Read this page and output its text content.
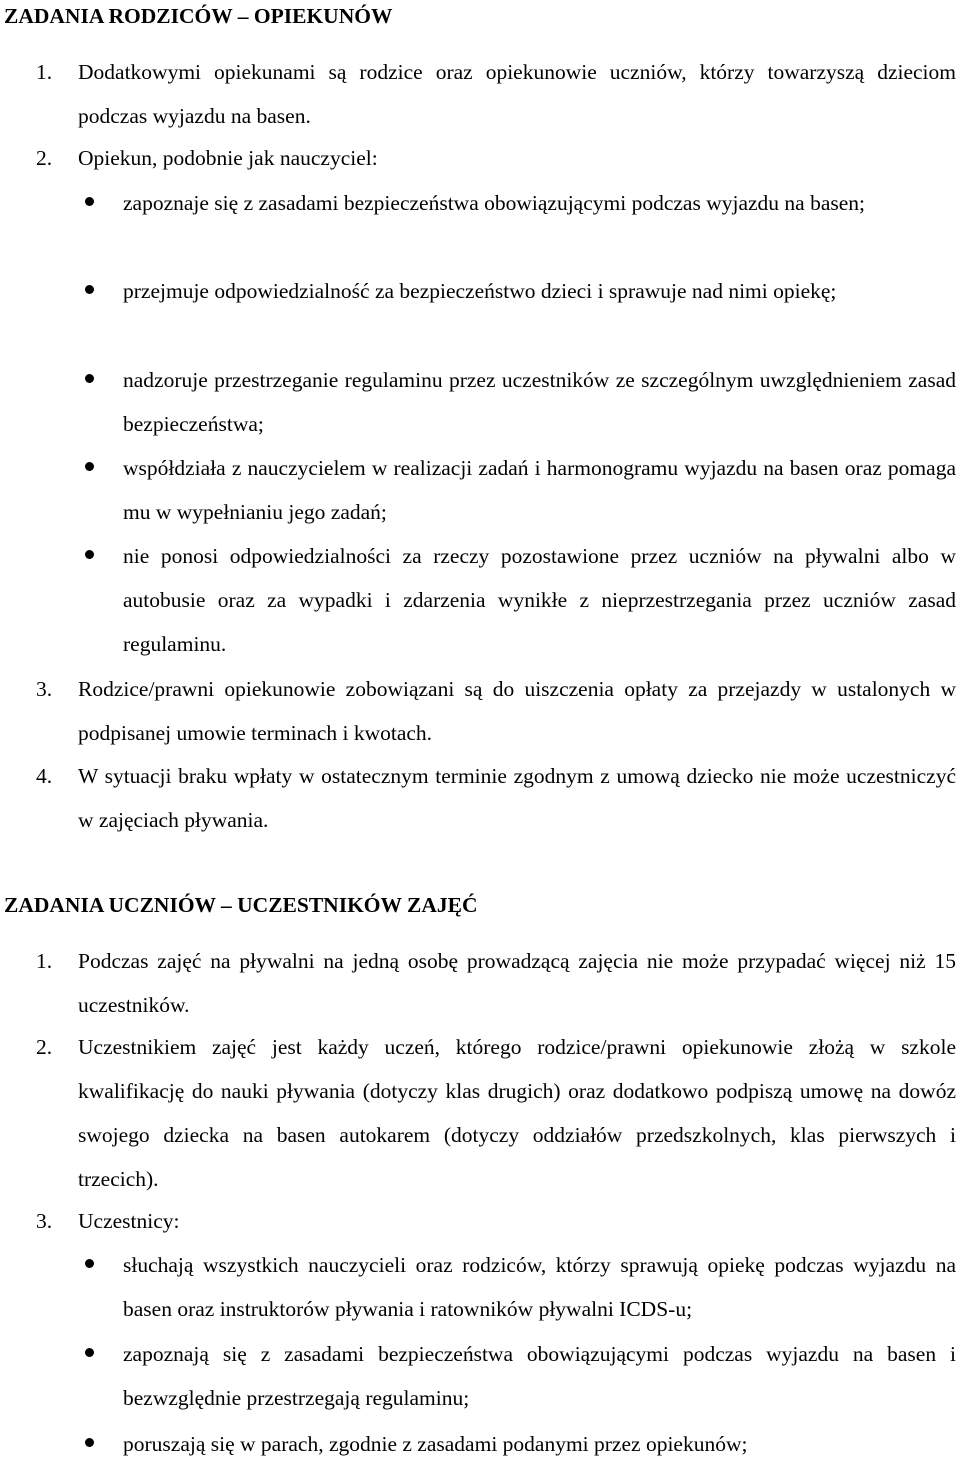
ZADANIA RODZICÓW – OPIEKUNÓW
1. Dodatkowymi opiekunami są rodzice oraz opiekunowie uczniów, którzy towarzyszą dzieciom podczas wyjazdu na basen.
2. Opiekun, podobnie jak nauczyciel:
zapoznaje się z zasadami bezpieczeństwa obowiązującymi podczas wyjazdu na basen;
przejmuje odpowiedzialność za bezpieczeństwo dzieci i sprawuje nad nimi opiekę;
nadzoruje przestrzeganie regulaminu przez uczestników ze szczególnym uwzględnieniem zasad bezpieczeństwa;
współdziała z nauczycielem w realizacji zadań i harmonogramu wyjazdu na basen oraz pomaga mu w wypełnianiu jego zadań;
nie ponosi odpowiedzialności za rzeczy pozostawione przez uczniów na pływalni albo w autobusie oraz za wypadki i zdarzenia wynikłe z nieprzestrzegania przez uczniów zasad regulaminu.
3. Rodzice/prawni opiekunowie zobowiązani są do uiszczenia opłaty za przejazdy w ustalonych w podpisanej umowie terminach i kwotach.
4. W sytuacji braku wpłaty w ostatecznym terminie zgodnym z umową dziecko nie może uczestniczyć w zajęciach pływania.
ZADANIA UCZNIÓW – UCZESTNIKÓW ZAJĘĆ
1. Podczas zajęć na pływalni na jedną osobę prowadzącą zajęcia nie może przypadać więcej niż 15 uczestników.
2. Uczestnikiem zajęć jest każdy uczeń, którego rodzice/prawni opiekunowie złożą w szkole kwalifikację do nauki pływania (dotyczy klas drugich) oraz dodatkowo podpiszą umowę na dowóz swojego dziecka na basen autokarem (dotyczy oddziałów przedszkolnych, klas pierwszych i trzecich).
3. Uczestnicy:
słuchają wszystkich nauczycieli oraz rodziców, którzy sprawują opiekę podczas wyjazdu na basen oraz instruktorów pływania i ratowników pływalni ICDS-u;
zapoznają się z zasadami bezpieczeństwa obowiązującymi podczas wyjazdu na basen i bezwzględnie przestrzegają regulaminu;
poruszają się w parach, zgodnie z zasadami podanymi przez opiekunów;
